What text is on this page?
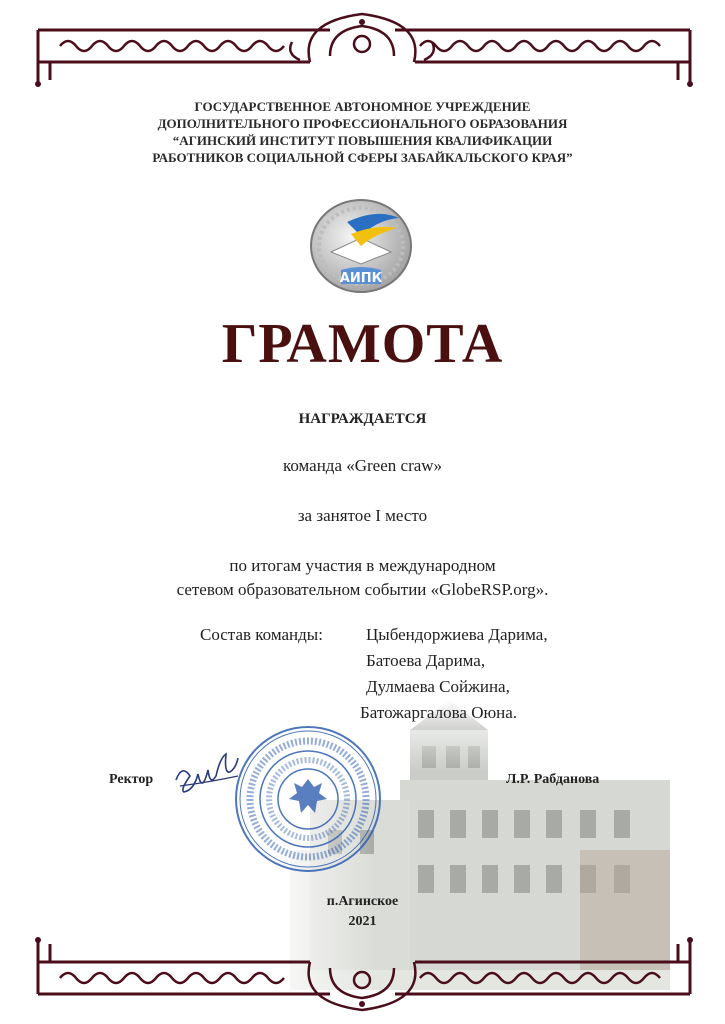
ГОСУДАРСТВЕННОЕ АВТОНОМНОЕ УЧРЕЖДЕНИЕ
ДОПОЛНИТЕЛЬНОГО ПРОФЕССИОНАЛЬНОГО ОБРАЗОВАНИЯ
“АГИНСКИЙ ИНСТИТУТ ПОВЫШЕНИЯ КВАЛИФИКАЦИИ
РАБОТНИКОВ СОЦИАЛЬНОЙ СФЕРЫ ЗАБАЙКАЛЬСКОГО КРАЯ”
АИПК
ГРАМОТА
НАГРАЖДАЕТСЯ
команда «Green craw»
за занятое I место
по итогам участия в международном
сетевом образовательном событии «GlobeRSP.org».
Состав команды:	Цыбендоржиева Дарима,
Батоева Дарима,
Дулмаева Сойжина,
Батожаргалова Оюна.
Ректор	Л.Р. Рабданова
п.Агинское
2021
